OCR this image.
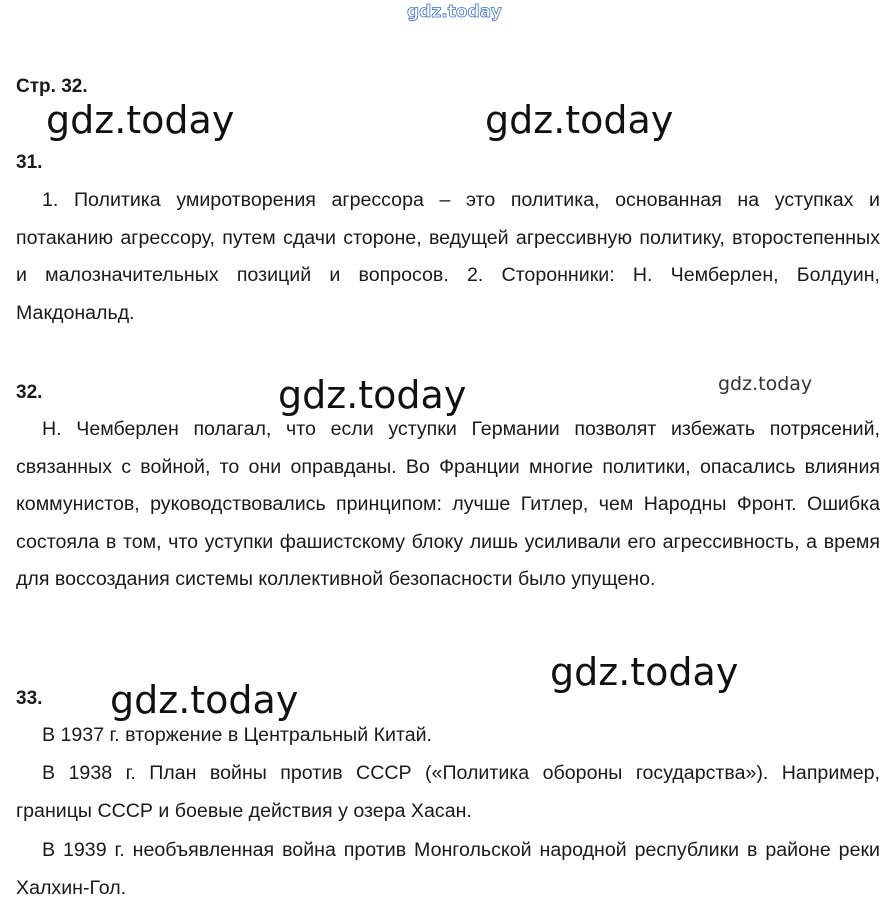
gdz.today
gdz.today	gdz.today
gdz.today	gdz.today
gdz.today
gdz.today
Стр. 32.
31.

1. Политика умиротворения агрессора – это политика, основанная на уступках и потаканию агрессору, путем сдачи стороне, ведущей агрессивную политику, второстепенных и малозначительных позиций и вопросов. 2. Сторонники: Н. Чемберлен, Болдуин, Макдональд.

32.

Н. Чемберлен полагал, что если уступки Германии позволят избежать потрясений, связанных с войной, то они оправданы. Во Франции многие политики, опасались влияния коммунистов, руководствовались принципом: лучше Гитлер, чем Народны Фронт. Ошибка состояла в том, что уступки фашистскому блоку лишь усиливали его агрессивность, а время для воссоздания системы коллективной безопасности было упущено.

33.

В 1937 г. вторжение в Центральный Китай.

В 1938 г. План войны против СССР («Политика обороны государства»). Например, границы СССР и боевые действия у озера Хасан.

В 1939 г. необъявленная война против Монгольской народной республики в районе реки Халхин-Гол.
